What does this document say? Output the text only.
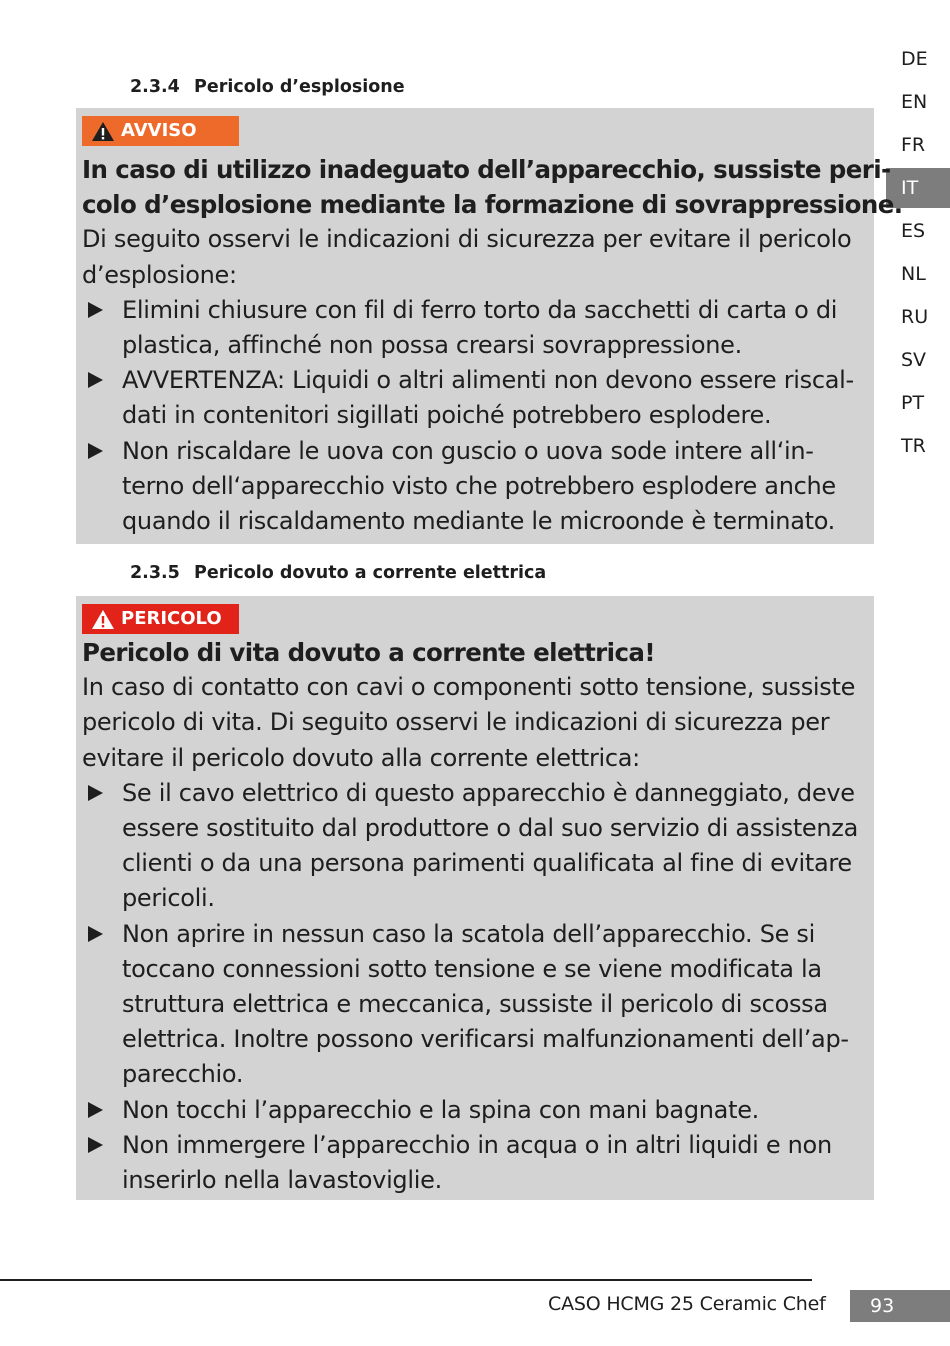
DE
EN
FR
IT
ES
NL
RU
SV
PT
TR
2.3.4 Pericolo d’esplosione
AVVISO
In caso di utilizzo inadeguato dell’apparecchio, sussiste peri-
colo d’esplosione mediante la formazione di sovrappressione.
Di seguito osservi le indicazioni di sicurezza per evitare il pericolo
d’esplosione:
Elimini chiusure con fil di ferro torto da sacchetti di carta o di
plastica, affinché non possa crearsi sovrappressione.
AVVERTENZA: Liquidi o altri alimenti non devono essere riscal-
dati in contenitori sigillati poiché potrebbero esplodere.
Non riscaldare le uova con guscio o uova sode intere all‘in-
terno dell‘apparecchio visto che potrebbero esplodere anche
quando il riscaldamento mediante le microonde è terminato.
2.3.5 Pericolo dovuto a corrente elettrica
PERICOLO
Pericolo di vita dovuto a corrente elettrica!
In caso di contatto con cavi o componenti sotto tensione, sussiste
pericolo di vita. Di seguito osservi le indicazioni di sicurezza per
evitare il pericolo dovuto alla corrente elettrica:
Se il cavo elettrico di questo apparecchio è danneggiato, deve
essere sostituito dal produttore o dal suo servizio di assistenza
clienti o da una persona parimenti qualificata al fine di evitare
pericoli.
Non aprire in nessun caso la scatola dell’apparecchio. Se si
toccano connessioni sotto tensione e se viene modificata la
struttura elettrica e meccanica, sussiste il pericolo di scossa
elettrica. Inoltre possono verificarsi malfunzionamenti dell’ap-
parecchio.
Non tocchi l’apparecchio e la spina con mani bagnate.
Non immergere l’apparecchio in acqua o in altri liquidi e non
inserirlo nella lavastoviglie.
CASO HCMG 25 Ceramic Chef	93
